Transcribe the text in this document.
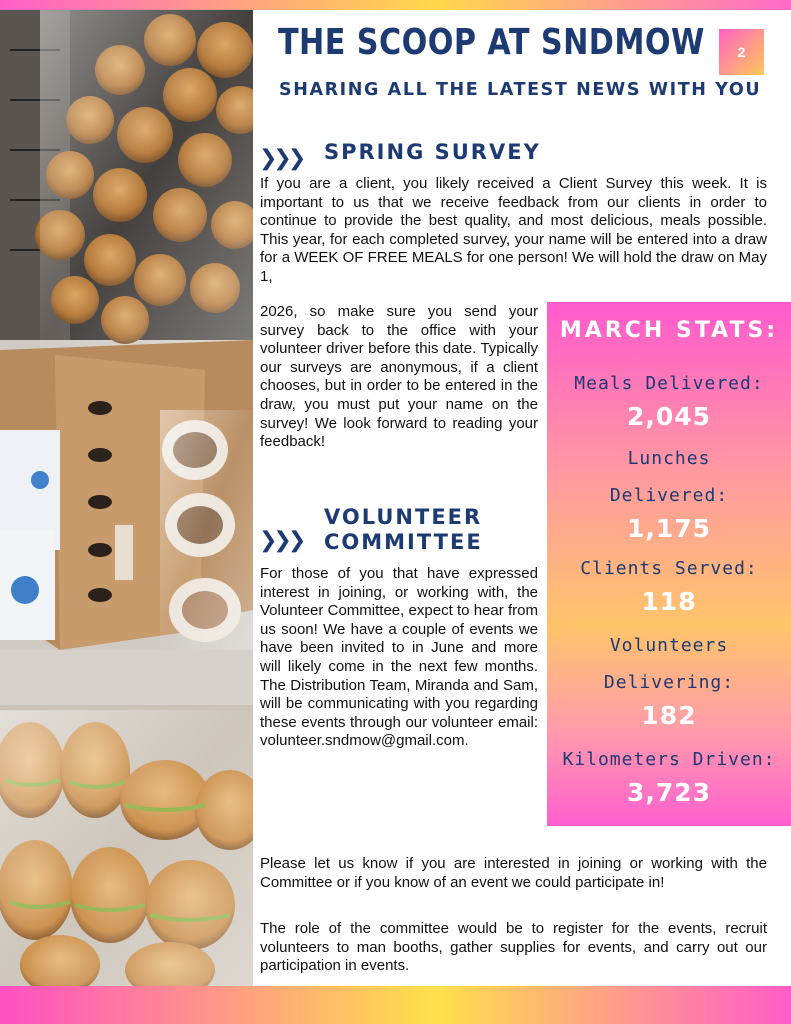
THE SCOOP AT SNDMOW
SHARING ALL THE LATEST NEWS WITH YOU
2
❯❯❯ SPRING SURVEY

If you are a client, you likely received a Client Survey this week. It is important to us that we receive feedback from our clients in order to continue to provide the best quality, and most delicious, meals possible. This year, for each completed survey, your name will be entered into a draw for a WEEK OF FREE MEALS for one person! We will hold the draw on May 1,

2026, so make sure you send your survey back to the office with your volunteer driver before this date. Typically our surveys are anonymous, if a client chooses, but in order to be entered in the draw, you must put your name on the survey! We look forward to reading your feedback!

❯❯❯
VOLUNTEER
COMMITTEE

For those of you that have expressed interest in joining, or working with, the Volunteer Committee, expect to hear from us soon! We have a couple of events we have been invited to in June and more will likely come in the next few months. The Distribution Team, Miranda and Sam, will be communicating with you regarding these events through our volunteer email: volunteer.sndmow@gmail.com.

Please let us know if you are interested in joining or working with the Committee or if you know of an event we could participate in!

The role of the committee would be to register for the events, recruit volunteers to man booths, gather supplies for events, and carry out our participation in events.

MARCH STATS:
Meals Delivered:
2,045
Lunches
Delivered:
1,175
Clients Served:
118
Volunteers
Delivering:
182
Kilometers Driven:
3,723
